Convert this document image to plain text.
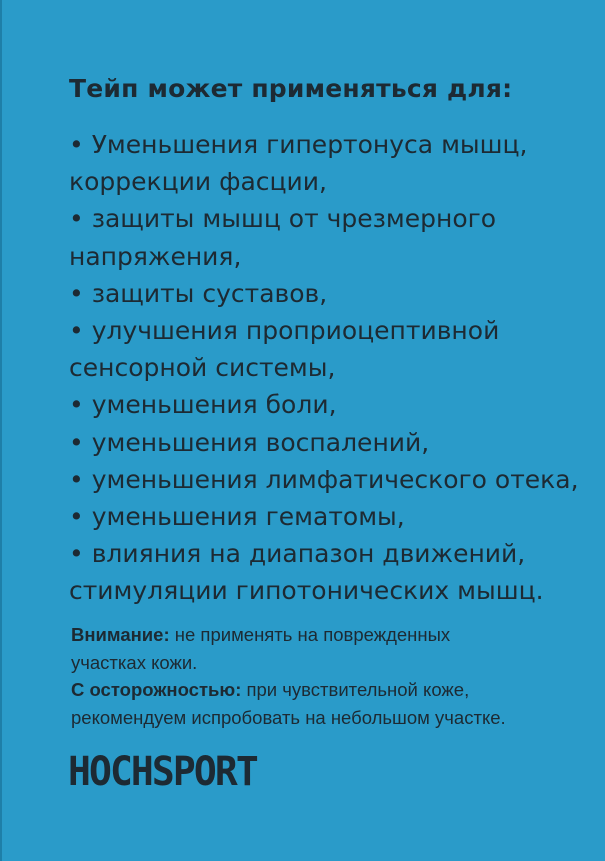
Тейп может применяться для:
• Уменьшения гипертонуса мышц,
коррекции фасции,
• защиты мышц от чрезмерного
напряжения,
• защиты суставов,
• улучшения проприоцептивной
сенсорной системы,
• уменьшения боли,
• уменьшения воспалений,
• уменьшения лимфатического отека,
• уменьшения гематомы,
• влияния на диапазон движений,
стимуляции гипотонических мышц.
Внимание: не применять на поврежденных
участках кожи.
С осторожностью: при чувствительной коже,
рекомендуем испробовать на небольшом участке.
HOCHSPORT
